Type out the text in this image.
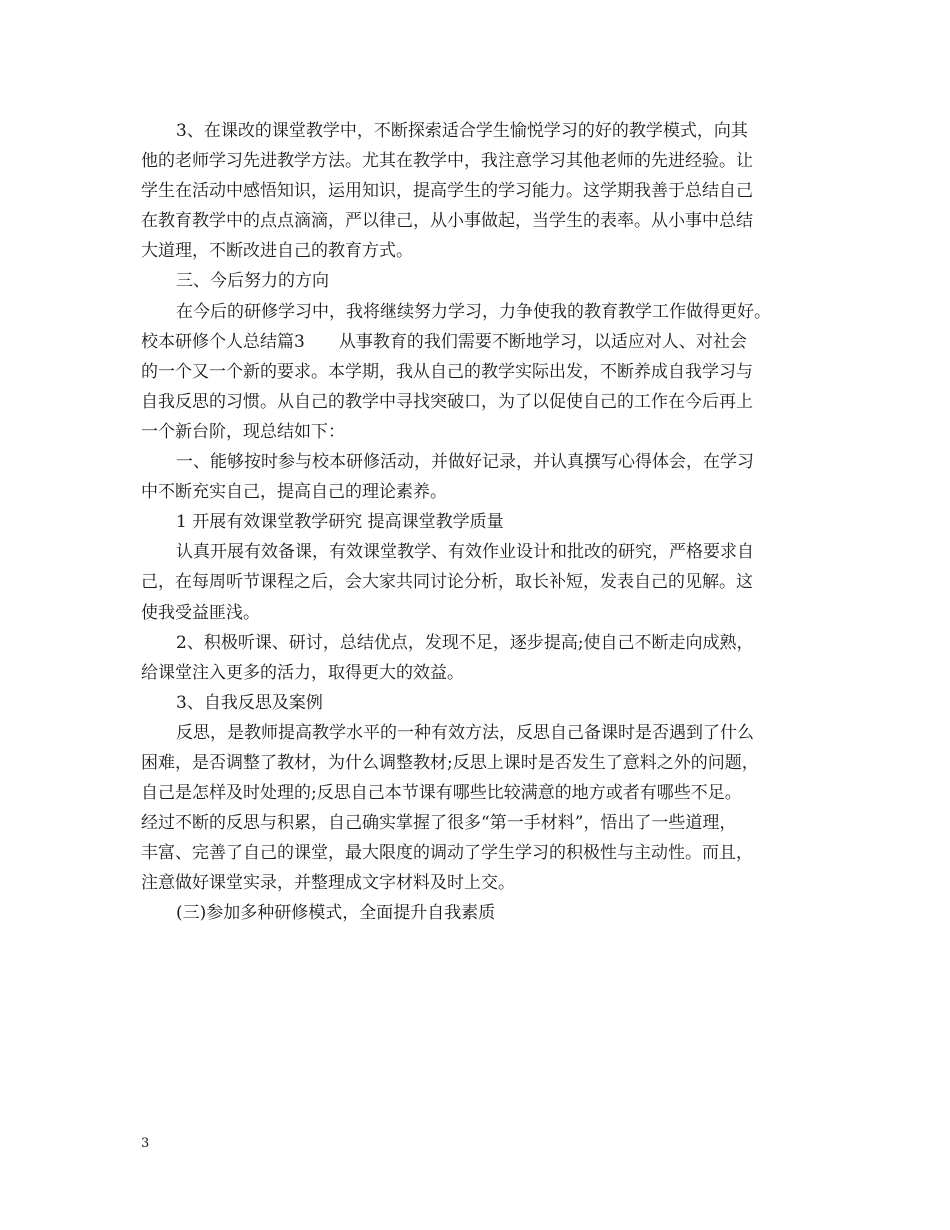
3、在课改的课堂教学中，不断探索适合学生愉悦学习的好的教学模式，向其
他的老师学习先进教学方法。尤其在教学中，我注意学习其他老师的先进经验。让
学生在活动中感悟知识，运用知识，提高学生的学习能力。这学期我善于总结自己
在教育教学中的点点滴滴，严以律己，从小事做起，当学生的表率。从小事中总结
大道理，不断改进自己的教育方式。
三、今后努力的方向
在今后的研修学习中，我将继续努力学习，力争使我的教育教学工作做得更好。
校本研修个人总结篇3　　从事教育的我们需要不断地学习，以适应对人、对社会
的一个又一个新的要求。本学期，我从自己的教学实际出发，不断养成自我学习与
自我反思的习惯。从自己的教学中寻找突破口，为了以促使自己的工作在今后再上
一个新台阶，现总结如下：
一、能够按时参与校本研修活动，并做好记录，并认真撰写心得体会，在学习
中不断充实自己，提高自己的理论素养。
1 开展有效课堂教学研究 提高课堂教学质量
认真开展有效备课，有效课堂教学、有效作业设计和批改的研究，严格要求自
己，在每周听节课程之后，会大家共同讨论分析，取长补短，发表自己的见解。这
使我受益匪浅。
2、积极听课、研讨，总结优点，发现不足，逐步提高;使自己不断走向成熟，
给课堂注入更多的活力，取得更大的效益。
3、自我反思及案例
反思，是教师提高教学水平的一种有效方法，反思自己备课时是否遇到了什么
困难，是否调整了教材，为什么调整教材;反思上课时是否发生了意料之外的问题，
自己是怎样及时处理的;反思自己本节课有哪些比较满意的地方或者有哪些不足。
经过不断的反思与积累，自己确实掌握了很多“第一手材料”，悟出了一些道理，
丰富、完善了自己的课堂，最大限度的调动了学生学习的积极性与主动性。而且，
注意做好课堂实录，并整理成文字材料及时上交。
(三)参加多种研修模式，全面提升自我素质
3
